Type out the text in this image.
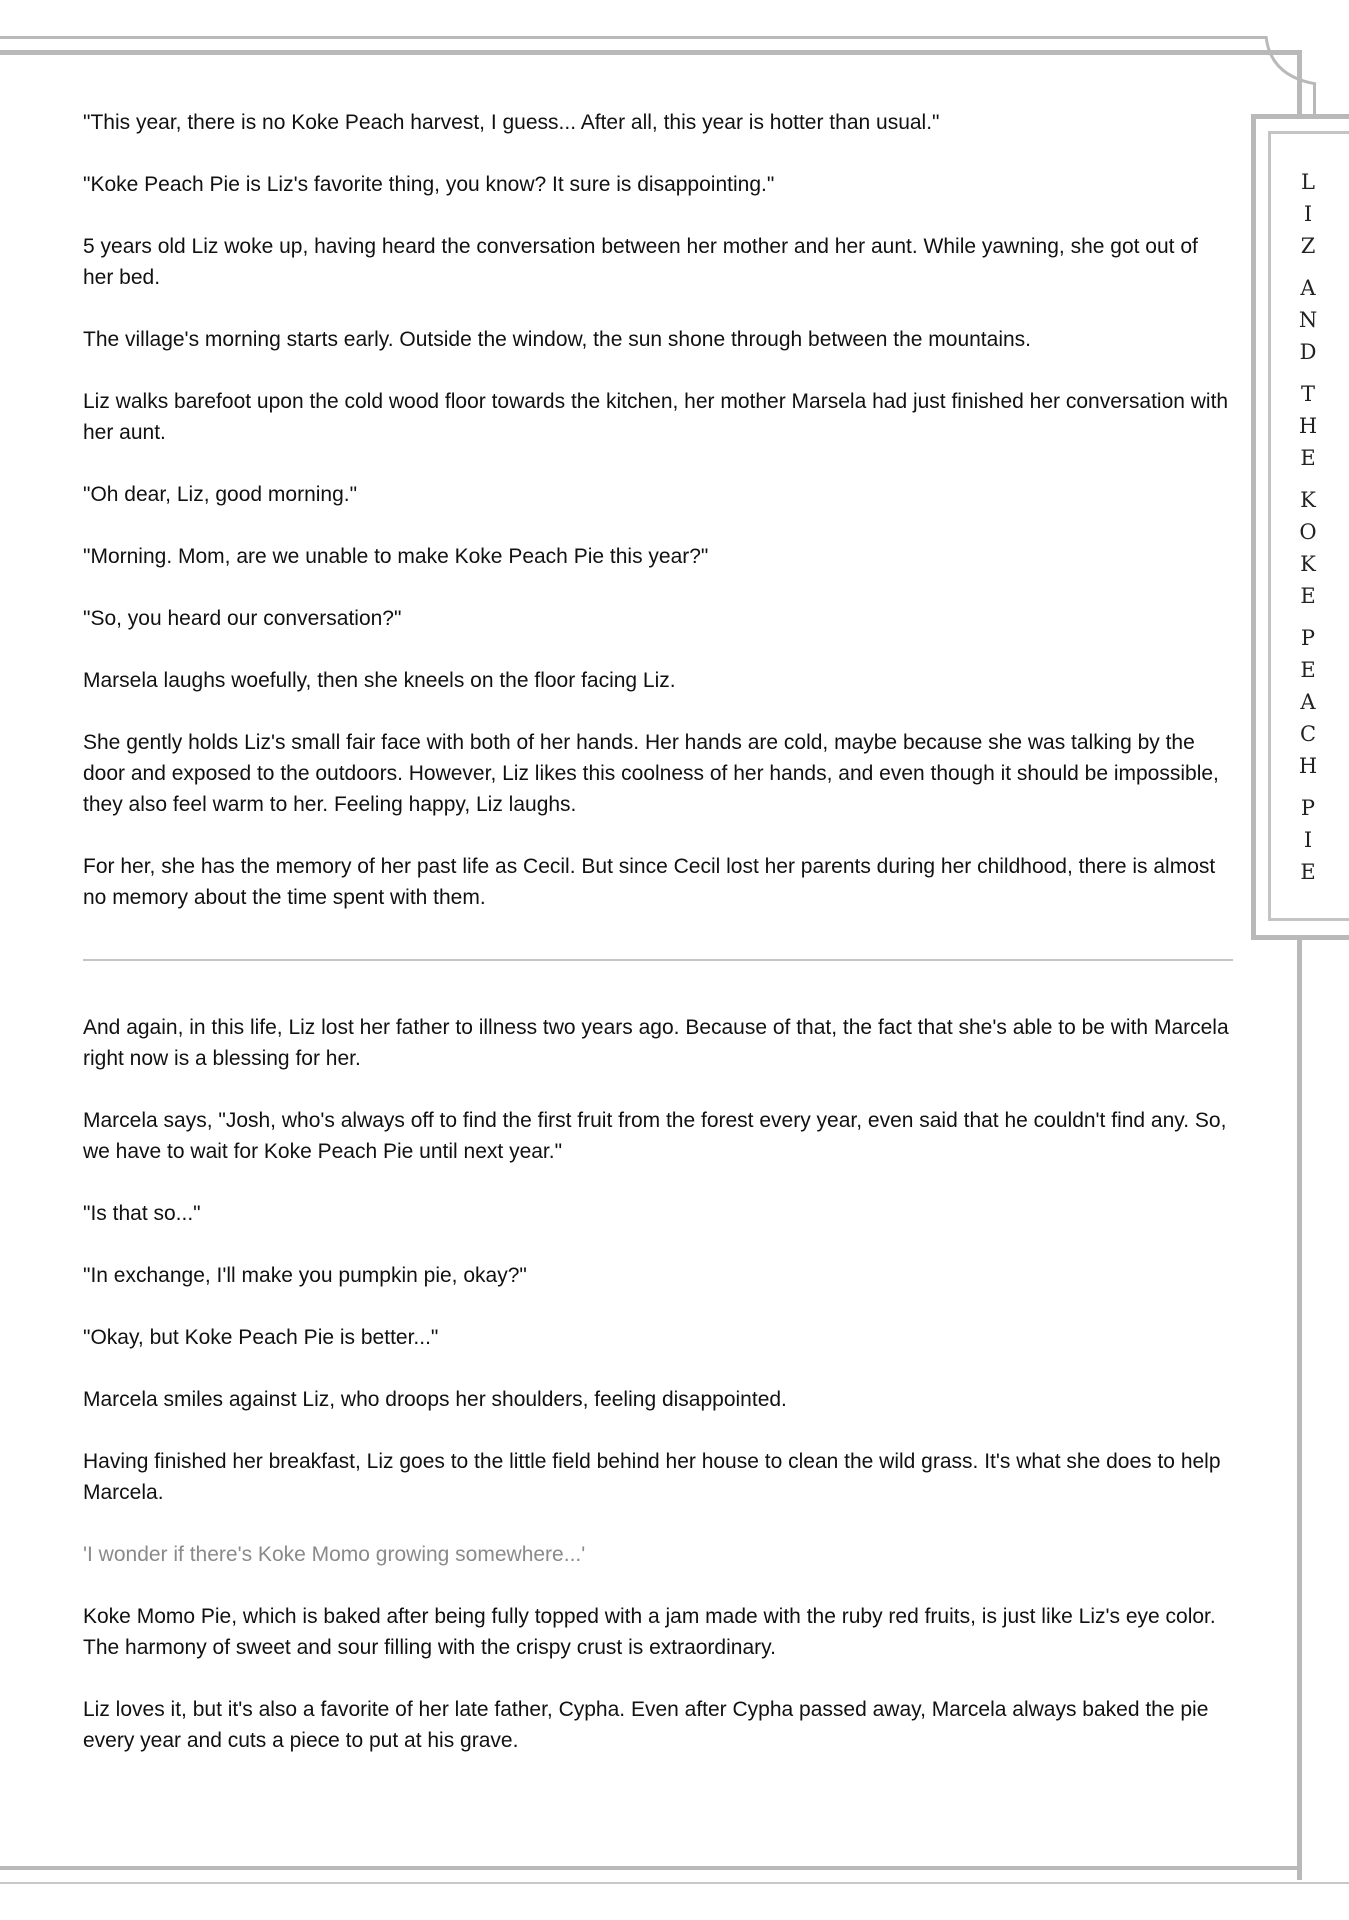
L
I
Z
A
N
D
T
H
E
K
O
K
E
P
E
A
C
H
P
I
E

"This year, there is no Koke Peach harvest, I guess... After all, this year is hotter than usual."

"Koke Peach Pie is Liz's favorite thing, you know? It sure is disappointing."

5 years old Liz woke up, having heard the conversation between her mother and her aunt. While yawning, she got out of her bed.

The village's morning starts early. Outside the window, the sun shone through between the mountains.

Liz walks barefoot upon the cold wood floor towards the kitchen, her mother Marsela had just finished her conversation with her aunt.

"Oh dear, Liz, good morning."

"Morning. Mom, are we unable to make Koke Peach Pie this year?"

"So, you heard our conversation?"

Marsela laughs woefully, then she kneels on the floor facing Liz.

She gently holds Liz's small fair face with both of her hands. Her hands are cold, maybe because she was talking by the door and exposed to the outdoors. However, Liz likes this coolness of her hands, and even though it should be impossible, they also feel warm to her. Feeling happy, Liz laughs.

For her, she has the memory of her past life as Cecil. But since Cecil lost her parents during her childhood, there is almost no memory about the time spent with them.

And again, in this life, Liz lost her father to illness two years ago. Because of that, the fact that she's able to be with Marcela right now is a blessing for her.

Marcela says, "Josh, who's always off to find the first fruit from the forest every year, even said that he couldn't find any. So, we have to wait for Koke Peach Pie until next year."

"Is that so..."

"In exchange, I'll make you pumpkin pie, okay?"

"Okay, but Koke Peach Pie is better..."

Marcela smiles against Liz, who droops her shoulders, feeling disappointed.

Having finished her breakfast, Liz goes to the little field behind her house to clean the wild grass. It's what she does to help Marcela.

'I wonder if there's Koke Momo growing somewhere...'

Koke Momo Pie, which is baked after being fully topped with a jam made with the ruby red fruits, is just like Liz's eye color. The harmony of sweet and sour filling with the crispy crust is extraordinary.

Liz loves it, but it's also a favorite of her late father, Cypha. Even after Cypha passed away, Marcela always baked the pie every year and cuts a piece to put at his grave.
